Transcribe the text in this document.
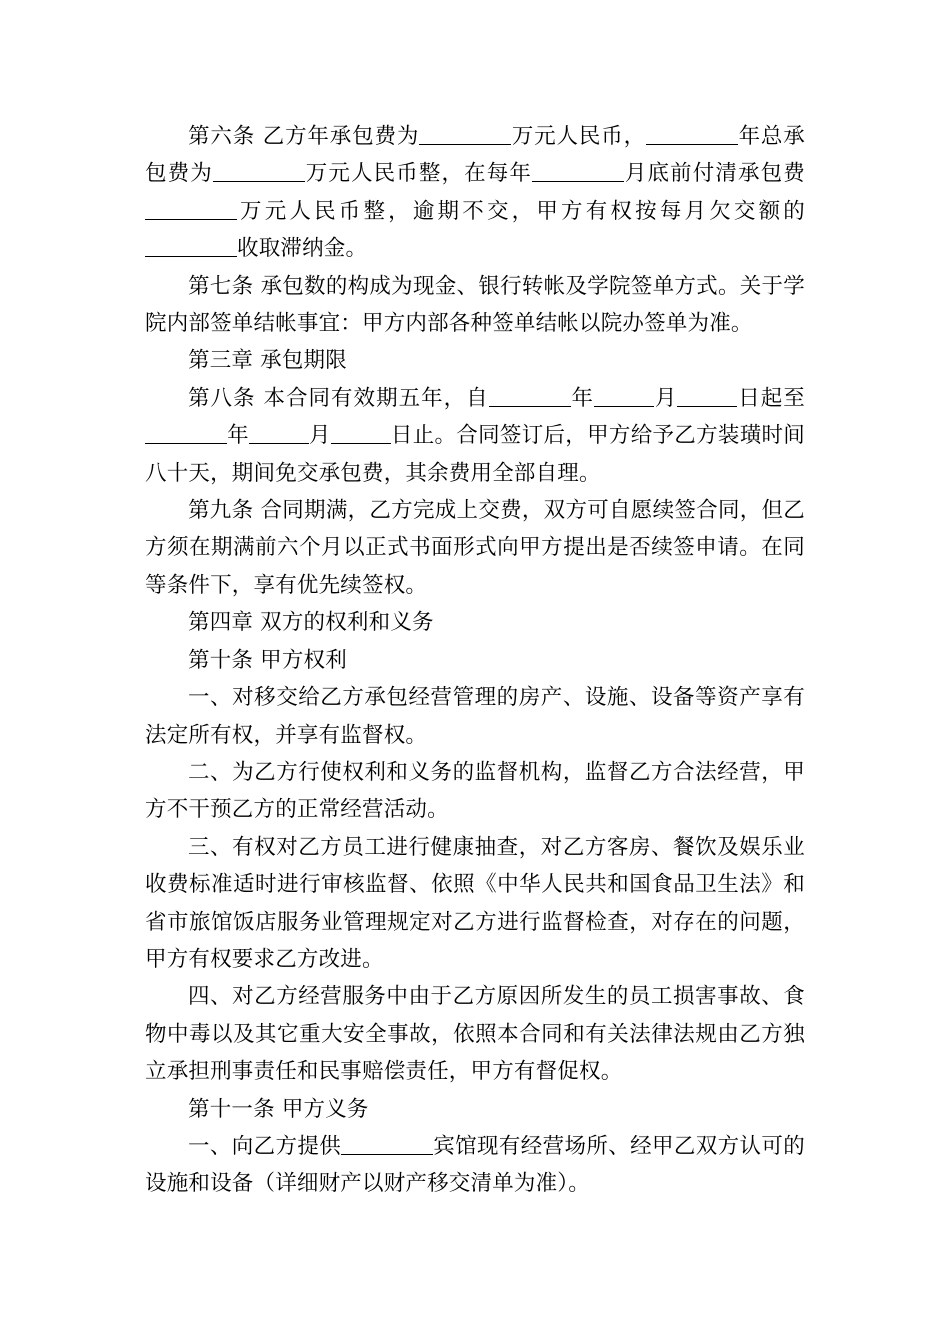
第六条 乙方年承包费为	万元人民币，	年总承包费为	万元人民币整，在每年	月底前付清承包费万元人民币整，逾期不交，甲方有权按每月欠交额的收取滞纳金。

第七条 承包数的构成为现金、银行转帐及学院签单方式。关于学院内部签单结帐事宜：甲方内部各种签单结帐以院办签单为准。

第三章 承包期限

第八条 本合同有效期五年，自	年	月	日起至年	月	日止。合同签订后，甲方给予乙方装璜时间八十天，期间免交承包费，其余费用全部自理。

第九条 合同期满，乙方完成上交费，双方可自愿续签合同，但乙方须在期满前六个月以正式书面形式向甲方提出是否续签申请。在同等条件下，享有优先续签权。

第四章 双方的权利和义务

第十条 甲方权利

一、对移交给乙方承包经营管理的房产、设施、设备等资产享有法定所有权，并享有监督权。

二、为乙方行使权利和义务的监督机构，监督乙方合法经营，甲方不干预乙方的正常经营活动。

三、有权对乙方员工进行健康抽查，对乙方客房、餐饮及娱乐业收费标准适时进行审核监督、依照《中华人民共和国食品卫生法》和省市旅馆饭店服务业管理规定对乙方进行监督检查，对存在的问题，甲方有权要求乙方改进。

四、对乙方经营服务中由于乙方原因所发生的员工损害事故、食物中毒以及其它重大安全事故，依照本合同和有关法律法规由乙方独立承担刑事责任和民事赔偿责任，甲方有督促权。

第十一条 甲方义务

一、向乙方提供	宾馆现有经营场所、经甲乙双方认可的设施和设备（详细财产以财产移交清单为准）。
